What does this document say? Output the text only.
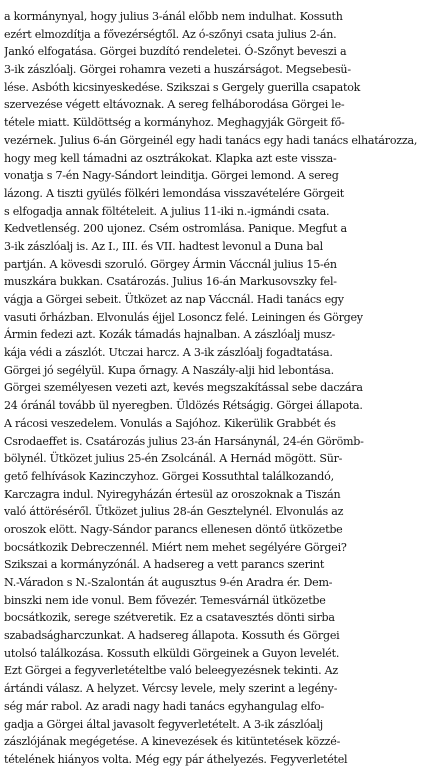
a kormánynyal, hogy julius 3-ánál előbb nem indulhat. Kossuth
ezért elmozdítja a fővezérségtől. Az ó-szőnyi csata julius 2-án.
Jankó elfogatása. Görgei buzdító rendeletei. Ó-Szőnyt beveszi a
3-ik zászlóalj. Görgei rohamra vezeti a huszárságot. Megsebesü-
lése. Asbóth kicsinyeskedése. Szikszai s Gergely guerilla csapatok
szervezése végett eltávoznak. A sereg felháborodása Görgei le-
tétele miatt. Küldöttség a kormányhoz. Meghagyják Görgeit fő-
vezérnek. Julius 6-án Görgeinél egy hadi tanács egy hadi tanács elhatározza,
hogy meg kell támadni az osztrákokat. Klapka azt este vissza-
vonatja s 7-én Nagy-Sándort leinditja. Görgei lemond. A sereg
lázong. A tiszti gyülés fölkéri lemondása visszavételére Görgeit
s elfogadja annak föltételeit. A julius 11-iki n.-igmándi csata.
Kedvetlenség. 200 ujonez. Csém ostromlása. Panique. Megfut a
3-ik zászlóalj is. Az I., III. és VII. hadtest levonul a Duna bal
partján. A kövesdi szoruló. Görgey Ármin Váccnál julius 15-én
muszkára bukkan. Csatározás. Julius 16-án Markusovszky fel-
vágja a Görgei sebeit. Ütközet az nap Váccnál. Hadi tanács egy
vasuti őrházban. Elvonulás éjjel Losoncz felé. Leiningen és Görgey
Ármin fedezi azt. Kozák támadás hajnalban. A zászlóalj musz-
kája védi a zászlót. Utczai harcz. A 3-ik zászlóalj fogadtatása.
Görgei jó segélyül. Kupa őrnagy. A Naszály-alji hid lebontása.
Görgei személyesen vezeti azt, kevés megszakítással sebe daczára
24 óránál tovább ül nyeregben. Üldözés Rétságig. Görgei állapota.
A rácosi veszedelem. Vonulás a Sajóhoz. Kikerülik Grabbét és
Csrodaeffet is. Csatározás julius 23-án Harsánynál, 24-én Görömb-
bölynél. Ütközet julius 25-én Zsolcánál. A Hernád mögött. Sür-
gető felhívások Kazinczyhoz. Görgei Kossuthtal találkozandó,
Karczagra indul. Nyiregyházán értesül az oroszoknak a Tiszán
való áttöréséről. Ütközet julius 28-án Gesztelynél. Elvonulás az
oroszok elött. Nagy-Sándor parancs ellenesen döntő ütközetbe
bocsátkozik Debreczennél. Miért nem mehet segélyére Görgei?
Szikszai a kormányzónál. A hadsereg a vett parancs szerint
N.-Váradon s N.-Szalontán át augusztus 9-én Aradra ér. Dem-
binszki nem ide vonul. Bem fővezér. Temesvárnál ütközetbe
bocsátkozik, serege szétveretik. Ez a csatavesztés dönti sirba
szabadságharczunkat. A hadsereg állapota. Kossuth és Görgei
utolsó találkozása. Kossuth elküldi Görgeinek a Guyon levelét.
Ezt Görgei a fegyverletételtbe való beleegyezésnek tekinti. Az
ártándi válasz. A helyzet. Vércsy levele, mely szerint a legény-
ség már rabol. Az aradi nagy hadi tanács egyhangulag elfo-
gadja a Görgei által javasolt fegyverletételt. A 3-ik zászlóalj
zászlójának megégetése. A kinevezések és kitüntetések közzé-
tételének hiányos volta. Még egy pár áthelyezés. Fegyverletétel
